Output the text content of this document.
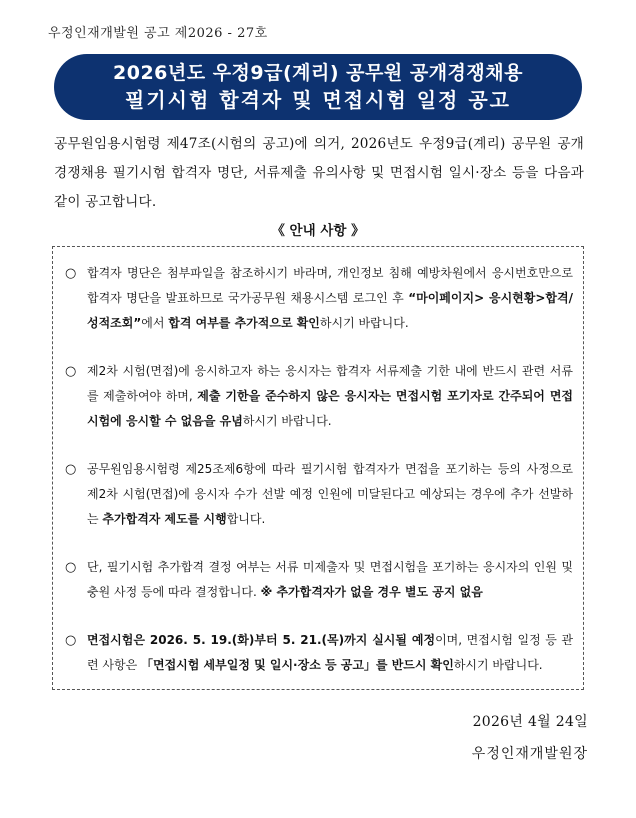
우정인재개발원 공고 제2026 - 27호
2026년도 우정9급(계리) 공무원 공개경쟁채용
필기시험 합격자 및 면접시험 일정 공고
공무원임용시험령 제47조(시험의 공고)에 의거, 2026년도 우정9급(계리) 공무원 공개경쟁채용 필기시험 합격자 명단, 서류제출 유의사항 및 면접시험 일시·장소 등을 다음과 같이 공고합니다.
《 안내 사항 》
○ 합격자 명단은 첨부파일을 참조하시기 바라며, 개인정보 침해 예방차원에서 응시번호만으로 합격자 명단을 발표하므로 국가공무원 채용시스템 로그인 후 “마이페이지> 응시현황>합격/성적조회”에서 합격 여부를 추가적으로 확인하시기 바랍니다.
○ 제2차 시험(면접)에 응시하고자 하는 응시자는 합격자 서류제출 기한 내에 반드시 관련 서류를 제출하여야 하며, 제출 기한을 준수하지 않은 응시자는 면접시험 포기자로 간주되어 면접시험에 응시할 수 없음을 유념하시기 바랍니다.
○ 공무원임용시험령 제25조제6항에 따라 필기시험 합격자가 면접을 포기하는 등의 사정으로 제2차 시험(면접)에 응시자 수가 선발 예정 인원에 미달된다고 예상되는 경우에 추가 선발하는 추가합격자 제도를 시행합니다.
○ 단, 필기시험 추가합격 결정 여부는 서류 미제출자 및 면접시험을 포기하는 응시자의 인원 및 충원 사정 등에 따라 결정합니다. ※ 추가합격자가 없을 경우 별도 공지 없음
○ 면접시험은 2026. 5. 19.(화)부터 5. 21.(목)까지 실시될 예정이며, 면접시험 일정 등 관련 사항은 「면접시험 세부일정 및 일시·장소 등 공고」를 반드시 확인하시기 바랍니다.
2026년 4월 24일
우정인재개발원장
